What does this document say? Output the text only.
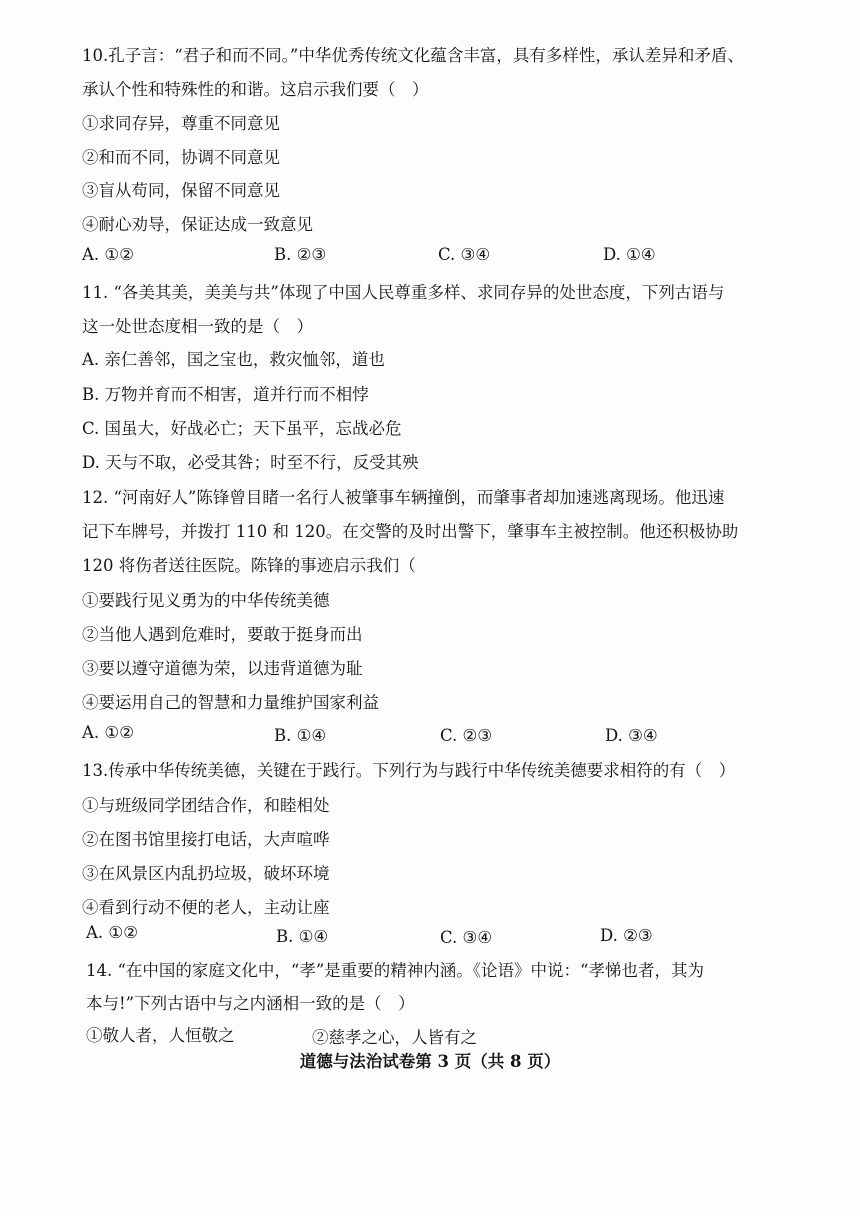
10.孔子言：“君子和而不同。”中华优秀传统文化蕴含丰富，具有多样性，承认差异和矛盾、
承认个性和特殊性的和谐。这启示我们要（　）
①求同存异，尊重不同意见
②和而不同，协调不同意见
③盲从苟同，保留不同意见
④耐心劝导，保证达成一致意见
A. ①②	B. ②③	C. ③④	D. ①④
11. “各美其美，美美与共”体现了中国人民尊重多样、求同存异的处世态度，下列古语与
这一处世态度相一致的是（　）
A. 亲仁善邻，国之宝也，救灾恤邻，道也
B. 万物并育而不相害，道并行而不相悖
C. 国虽大，好战必亡；天下虽平，忘战必危
D. 天与不取，必受其咎；时至不行，反受其殃
12. “河南好人”陈锋曾目睹一名行人被肇事车辆撞倒，而肇事者却加速逃离现场。他迅速
记下车牌号，并拨打 110 和 120。在交警的及时出警下，肇事车主被控制。他还积极协助
120 将伤者送往医院。陈锋的事迹启示我们（
①要践行见义勇为的中华传统美德
②当他人遇到危难时，要敢于挺身而出
③要以遵守道德为荣，以违背道德为耻
④要运用自己的智慧和力量维护国家利益
A. ①②	B. ①④	C. ②③	D. ③④
13.传承中华传统美德，关键在于践行。下列行为与践行中华传统美德要求相符的有（　）
①与班级同学团结合作，和睦相处
②在图书馆里接打电话，大声喧哗
③在风景区内乱扔垃圾，破坏环境
④看到行动不便的老人，主动让座
A. ①②	B. ①④	C. ③④	D. ②③
14. “在中国的家庭文化中，“孝”是重要的精神内涵。《论语》中说：“孝悌也者，其为
本与!”下列古语中与之内涵相一致的是（　）
①敬人者，人恒敬之	②慈孝之心，人皆有之
道德与法治试卷第 3 页（共 8 页）
